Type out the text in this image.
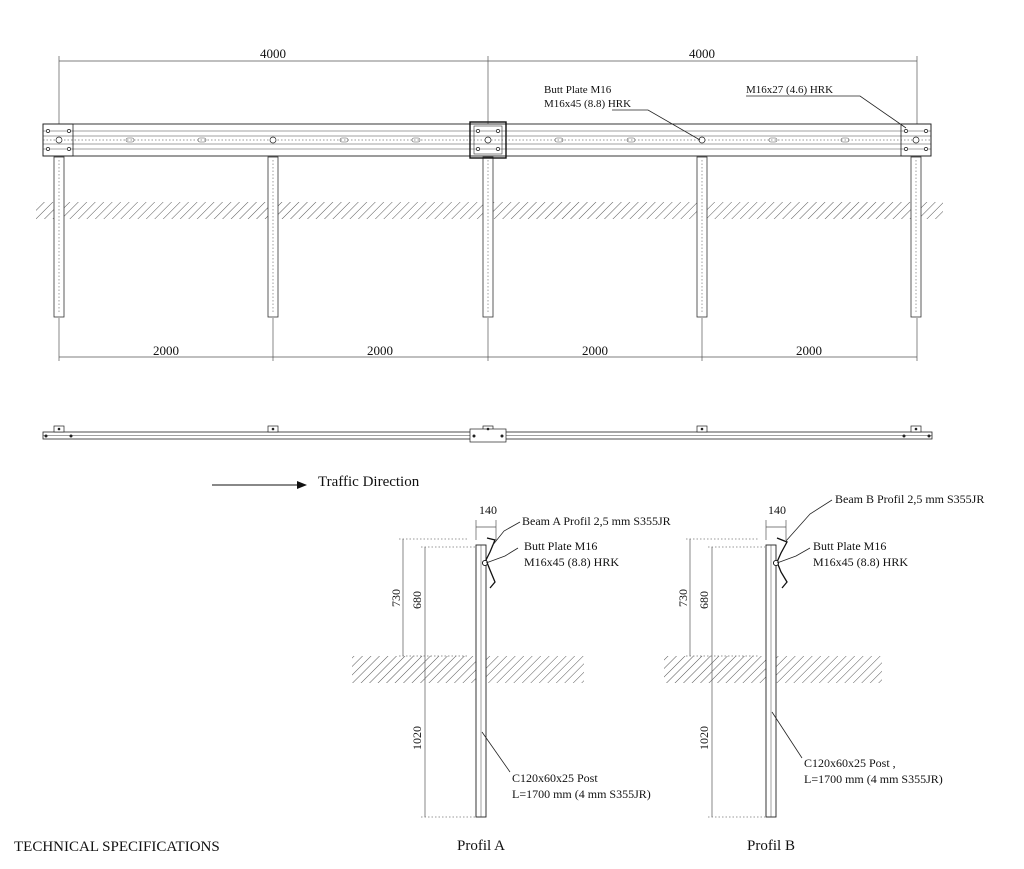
4000	4000
Butt Plate M16
M16x45 (8.8) HRK
M16x27 (4.6) HRK
2000	2000	2000	2000
Traffic Direction
140
730 680
1020
Beam A Profil 2,5 mm S355JR
Butt Plate M16
M16x45 (8.8) HRK
C120x60x25 Post
L=1700 mm (4 mm S355JR)
Profil A
140
730 680
1020
Beam B Profil 2,5 mm S355JR
Butt Plate M16
M16x45 (8.8) HRK
C120x60x25 Post ,
L=1700 mm (4 mm S355JR)
Profil B
TECHNICAL SPECIFICATIONS
